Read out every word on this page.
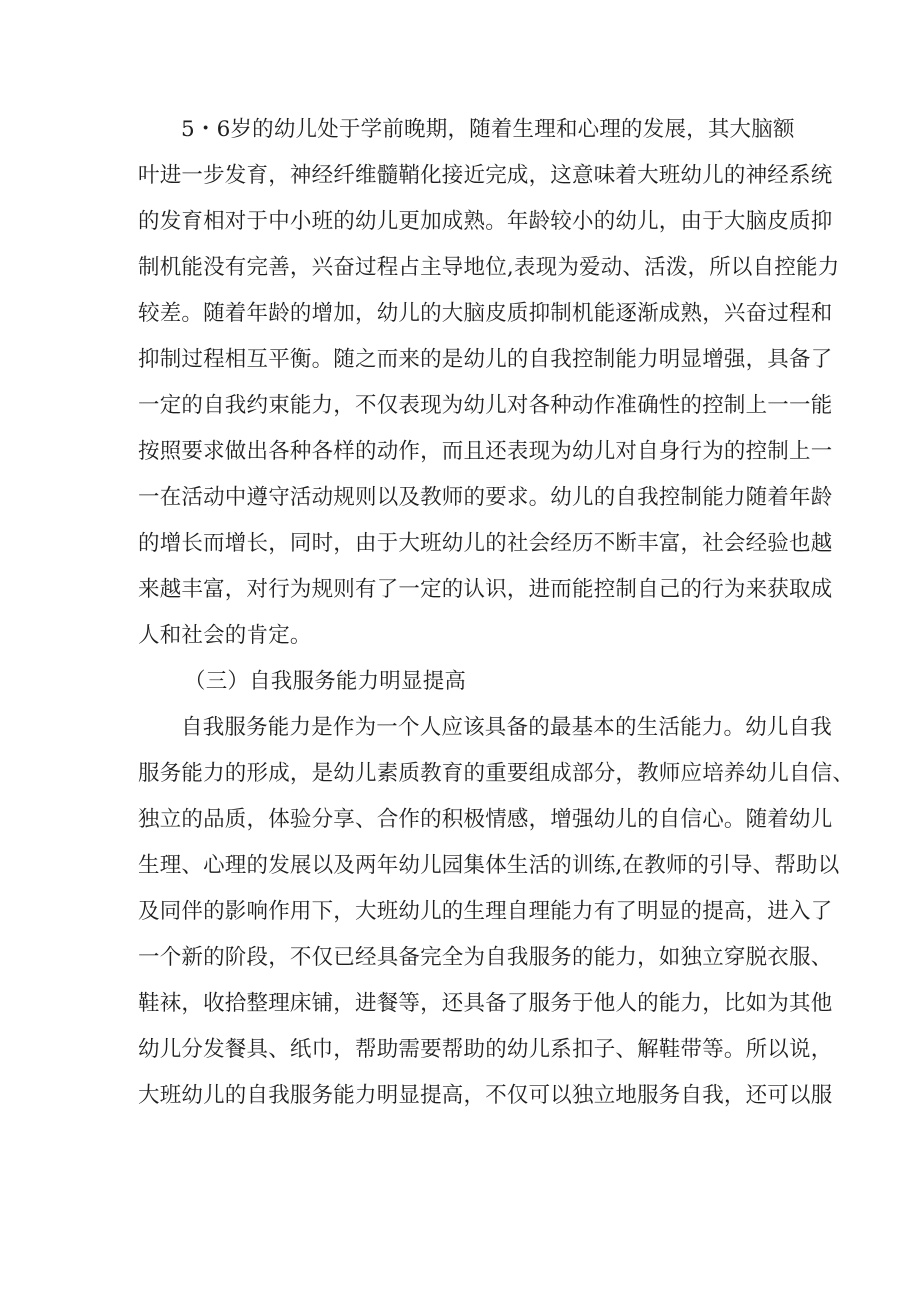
5・6岁的幼儿处于学前晚期，随着生理和心理的发展，其大脑额
叶进一步发育，神经纤维髓鞘化接近完成，这意味着大班幼儿的神经系统
的发育相对于中小班的幼儿更加成熟。年龄较小的幼儿，由于大脑皮质抑
制机能没有完善，兴奋过程占主导地位,表现为爱动、活泼，所以自控能力
较差。随着年龄的增加，幼儿的大脑皮质抑制机能逐渐成熟，兴奋过程和
抑制过程相互平衡。随之而来的是幼儿的自我控制能力明显增强，具备了
一定的自我约束能力，不仅表现为幼儿对各种动作准确性的控制上一一能
按照要求做出各种各样的动作，而且还表现为幼儿对自身行为的控制上一
一在活动中遵守活动规则以及教师的要求。幼儿的自我控制能力随着年龄
的增长而增长，同时，由于大班幼儿的社会经历不断丰富，社会经验也越
来越丰富，对行为规则有了一定的认识，进而能控制自己的行为来获取成
人和社会的肯定。
（三）自我服务能力明显提高
自我服务能力是作为一个人应该具备的最基本的生活能力。幼儿自我
服务能力的形成，是幼儿素质教育的重要组成部分，教师应培养幼儿自信、
独立的品质，体验分享、合作的积极情感，增强幼儿的自信心。随着幼儿
生理、心理的发展以及两年幼儿园集体生活的训练,在教师的引导、帮助以
及同伴的影响作用下，大班幼儿的生理自理能力有了明显的提高，进入了
一个新的阶段，不仅已经具备完全为自我服务的能力，如独立穿脱衣服、
鞋袜，收拾整理床铺，进餐等，还具备了服务于他人的能力，比如为其他
幼儿分发餐具、纸巾，帮助需要帮助的幼儿系扣子、解鞋带等。所以说，
大班幼儿的自我服务能力明显提高，不仅可以独立地服务自我，还可以服
